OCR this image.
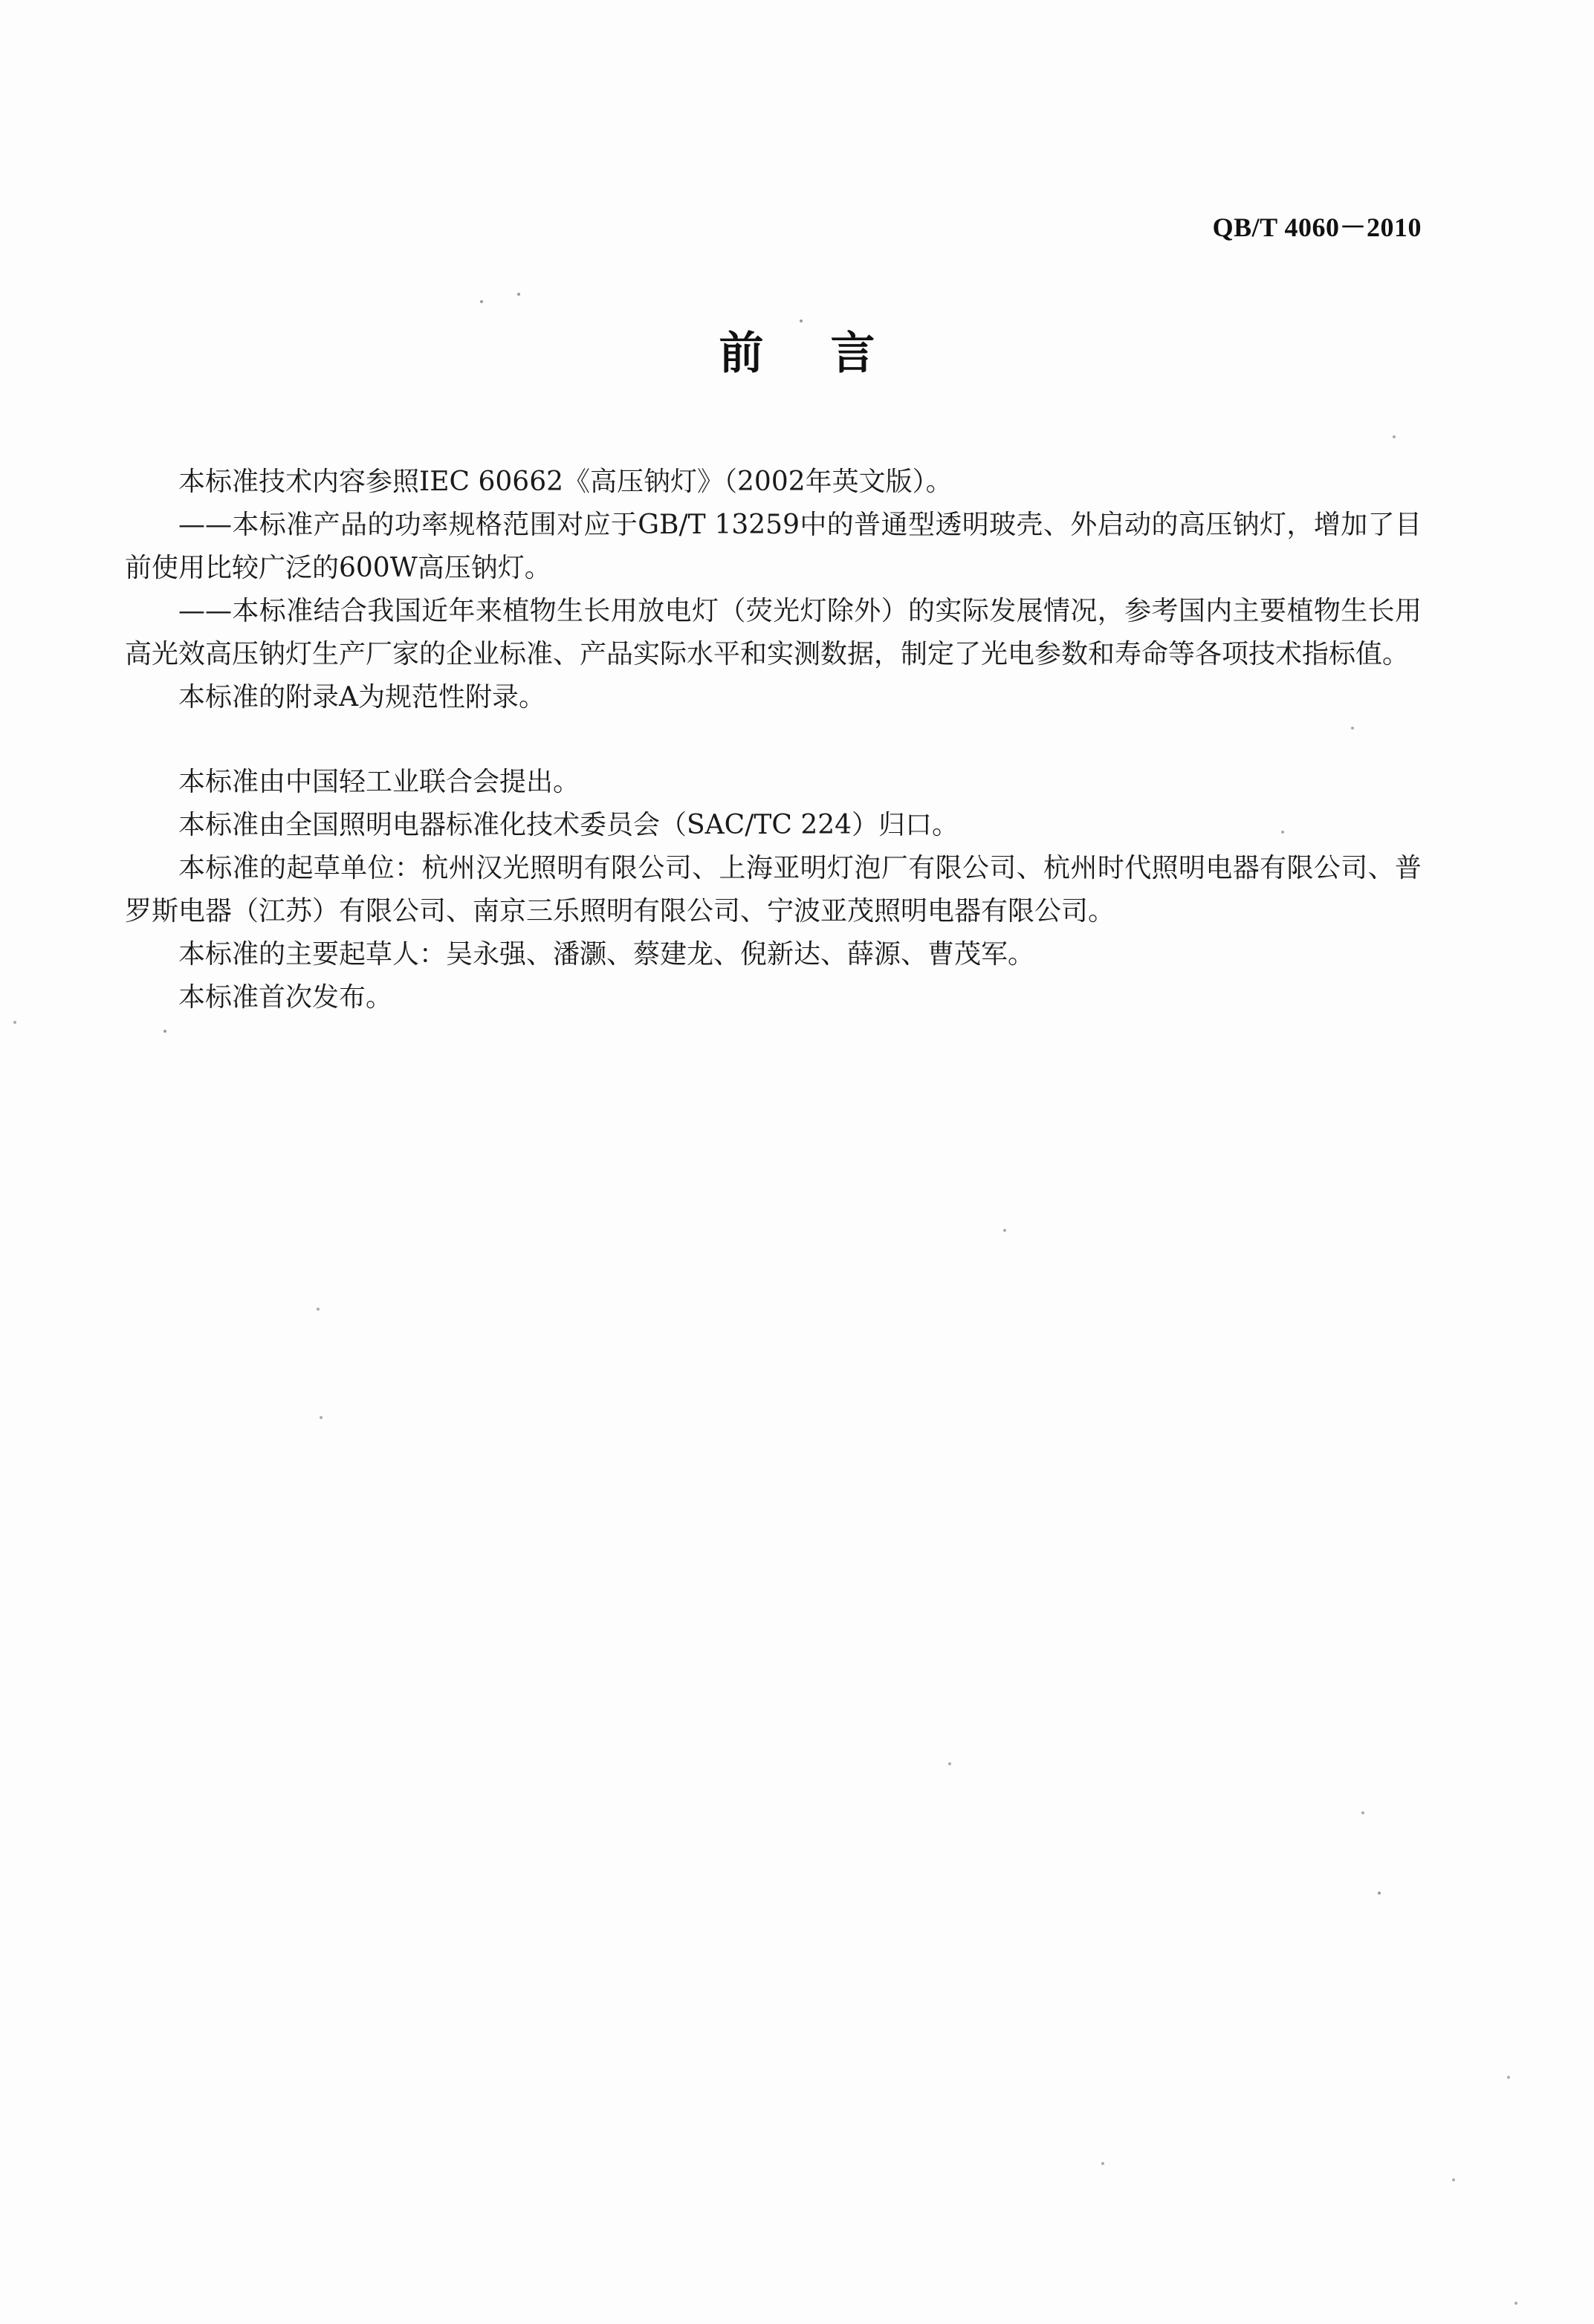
QB/T 4060－2010
前言

本标准技术内容参照IEC 60662《高压钠灯》（2002年英文版）。

——本标准产品的功率规格范围对应于GB/T 13259中的普通型透明玻壳、外启动的高压钠灯，增加了目前使用比较广泛的600W高压钠灯。

——本标准结合我国近年来植物生长用放电灯（荧光灯除外）的实际发展情况，参考国内主要植物生长用高光效高压钠灯生产厂家的企业标准、产品实际水平和实测数据，制定了光电参数和寿命等各项技术指标值。

本标准的附录A为规范性附录。

本标准由中国轻工业联合会提出。

本标准由全国照明电器标准化技术委员会（SAC/TC 224）归口。

本标准的起草单位：杭州汉光照明有限公司、上海亚明灯泡厂有限公司、杭州时代照明电器有限公司、普罗斯电器（江苏）有限公司、南京三乐照明有限公司、宁波亚茂照明电器有限公司。

本标准的主要起草人：吴永强、潘灏、蔡建龙、倪新达、薛源、曹茂军。

本标准首次发布。
